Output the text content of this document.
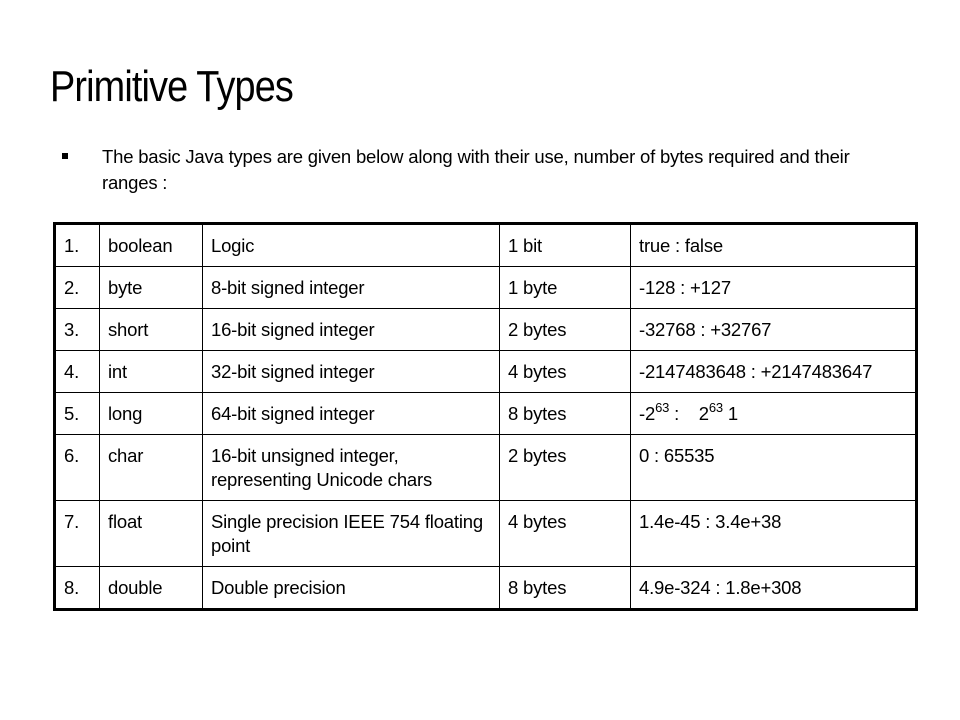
Primitive Types
The basic Java types are given below along with their use, number of bytes required and their ranges :
1.	boolean	Logic	1 bit	true : false
2.	byte	8-bit signed integer	1 byte	-128 : +127
3.	short	16-bit signed integer	2 bytes	-32768 : +32767
4.	int	32-bit signed integer	4 bytes	-2147483648 : +2147483647
5.	long	64-bit signed integer	8 bytes	$-2^{63}$ :    $2^{63}$ 1
6.	char	16-bit unsigned integer, representing Unicode chars	2 bytes	0 : 65535
7.	float	Single precision IEEE 754 floating point	4 bytes	1.4e-45 : 3.4e+38
8.	double	Double precision	8 bytes	4.9e-324 : 1.8e+308
